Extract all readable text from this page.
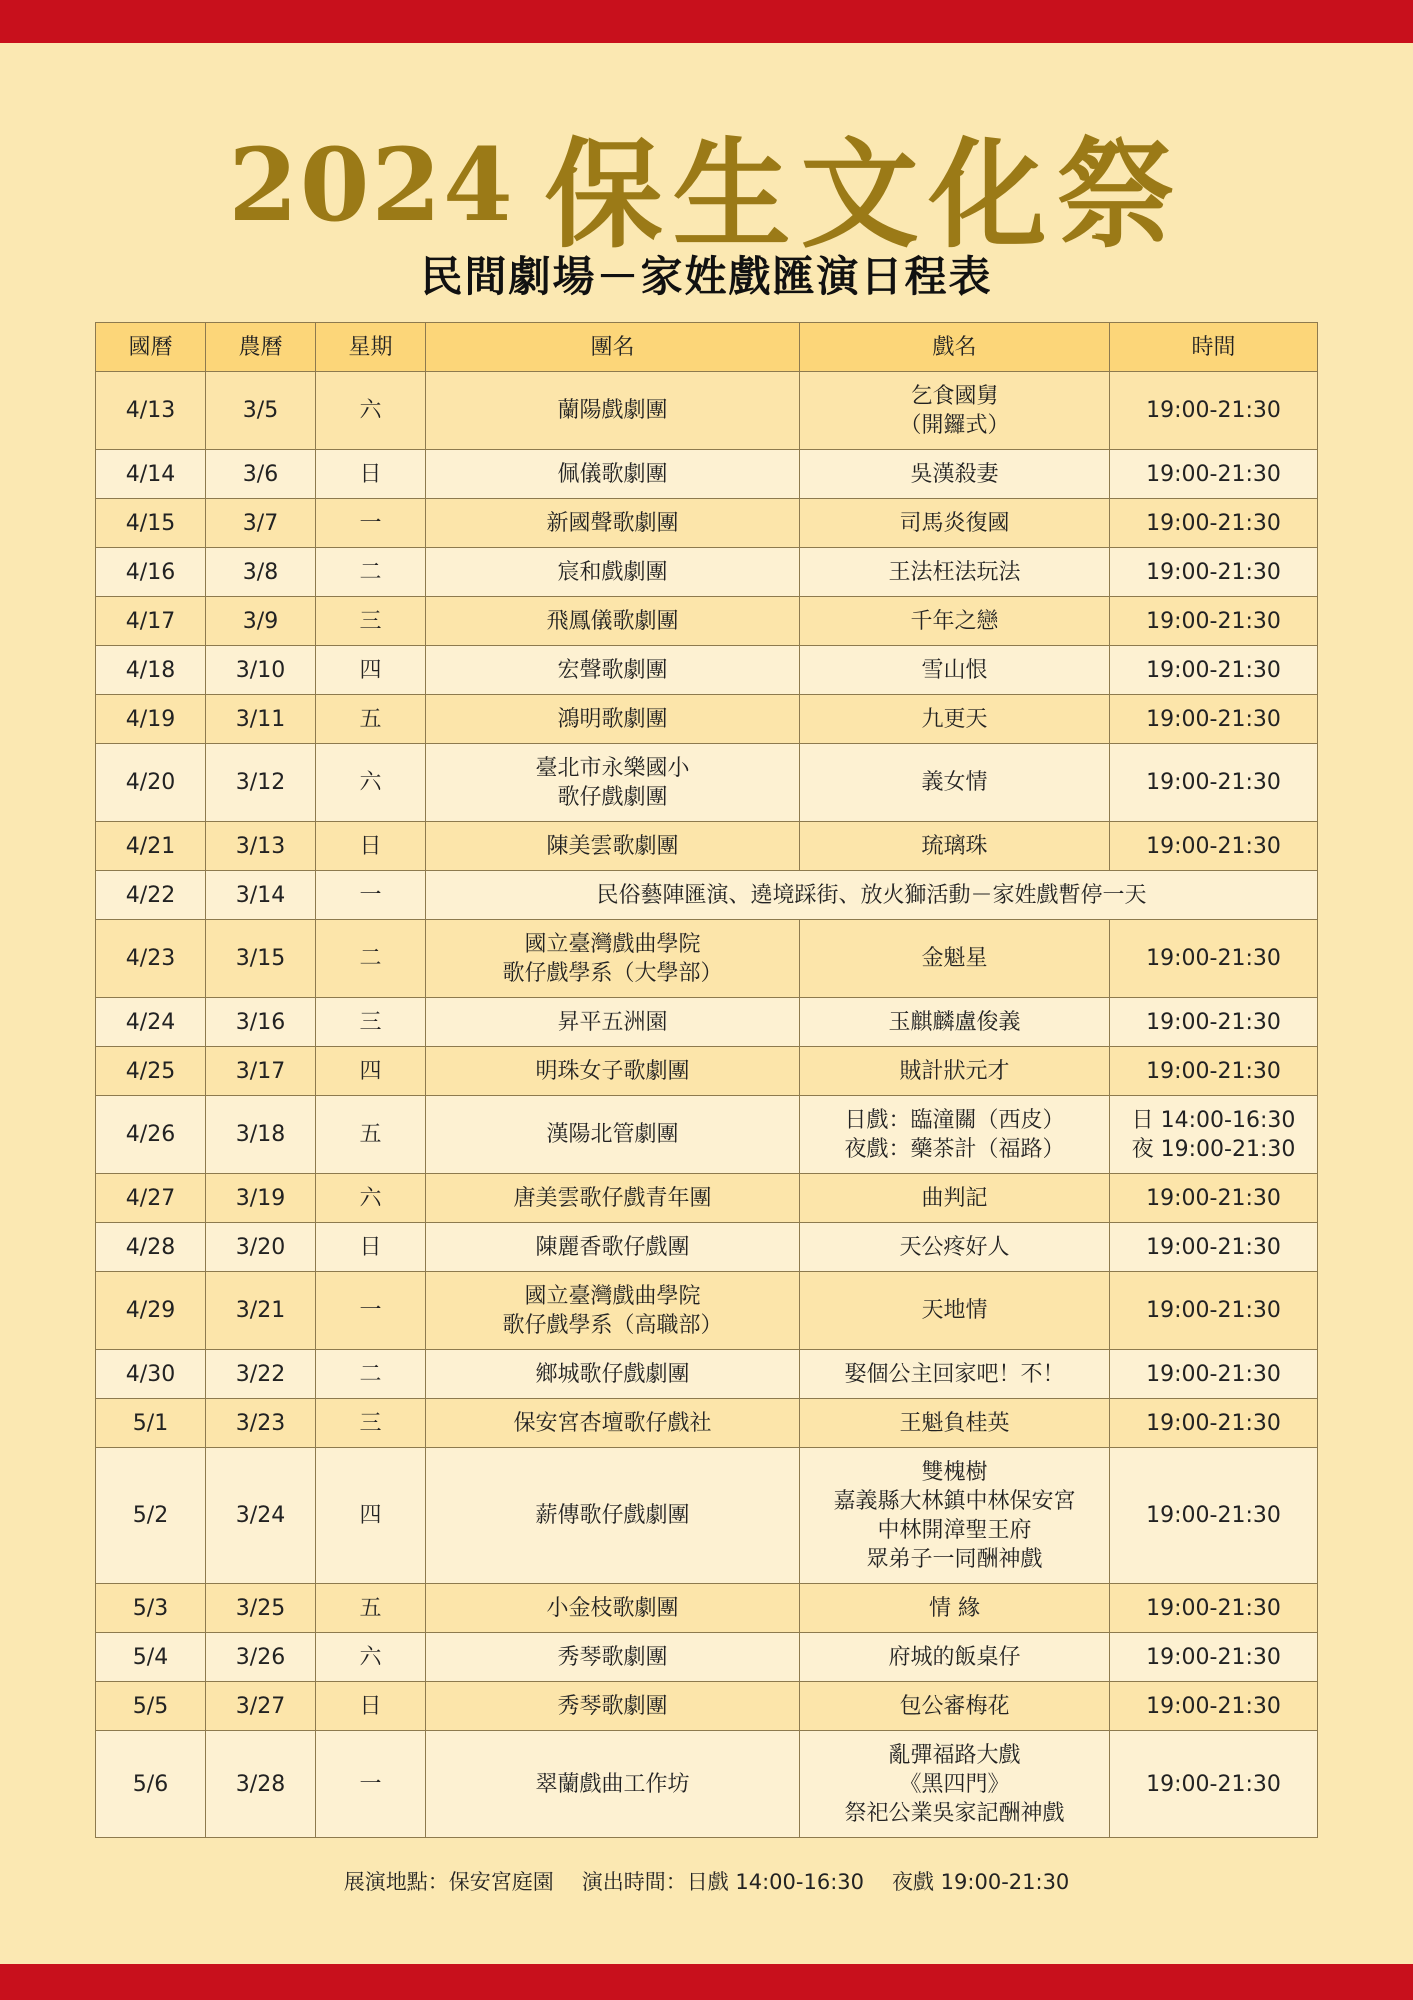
2024 保生文化祭
民間劇場－家姓戲匯演日程表
國曆	農曆	星期	團名	戲名	時間
4/13	3/5	六	蘭陽戲劇團	乞食國舅
（開鑼式）	19:00-21:30

4/14	3/6	日	佩儀歌劇團	吳漢殺妻	19:00-21:30

4/15	3/7	一	新國聲歌劇團	司馬炎復國	19:00-21:30

4/16	3/8	二	宸和戲劇團	王法枉法玩法	19:00-21:30

4/17	3/9	三	飛鳳儀歌劇團	千年之戀	19:00-21:30

4/18	3/10	四	宏聲歌劇團	雪山恨	19:00-21:30

4/19	3/11	五	鴻明歌劇團	九更天	19:00-21:30

4/20	3/12	六	臺北市永樂國小
歌仔戲劇團	義女情	19:00-21:30

4/21	3/13	日	陳美雲歌劇團	琉璃珠	19:00-21:30

4/22	3/14	一	民俗藝陣匯演、遶境踩街、放火獅活動－家姓戲暫停一天		
4/23	3/15	二	國立臺灣戲曲學院
歌仔戲學系（大學部）	金魁星	19:00-21:30

4/24	3/16	三	昇平五洲園	玉麒麟盧俊義	19:00-21:30

4/25	3/17	四	明珠女子歌劇團	賊計狀元才	19:00-21:30

4/26	3/18	五	漢陽北管劇團	日戲：臨潼關（西皮）
夜戲：藥茶計（福路）	日 14:00-16:30
夜 19:00-21:30

4/27	3/19	六	唐美雲歌仔戲青年團	曲判記	19:00-21:30

4/28	3/20	日	陳麗香歌仔戲團	天公疼好人	19:00-21:30

4/29	3/21	一	國立臺灣戲曲學院
歌仔戲學系（高職部）	天地情	19:00-21:30

4/30	3/22	二	鄉城歌仔戲劇團	娶個公主回家吧！不！	19:00-21:30

5/1	3/23	三	保安宮杏壇歌仔戲社	王魁負桂英	19:00-21:30

5/2	3/24	四	薪傳歌仔戲劇團	雙槐樹
嘉義縣大林鎮中林保安宮
中林開漳聖王府
眾弟子一同酬神戲	19:00-21:30

5/3	3/25	五	小金枝歌劇團	情 緣	19:00-21:30

5/4	3/26	六	秀琴歌劇團	府城的飯桌仔	19:00-21:30

5/5	3/27	日	秀琴歌劇團	包公審梅花	19:00-21:30

5/6	3/28	一	翠蘭戲曲工作坊	亂彈福路大戲
《黑四門》
祭祀公業吳家記酬神戲	19:00-21:30
展演地點：保安宮庭園 演出時間：日戲 14:00-16:30 夜戲 19:00-21:30
